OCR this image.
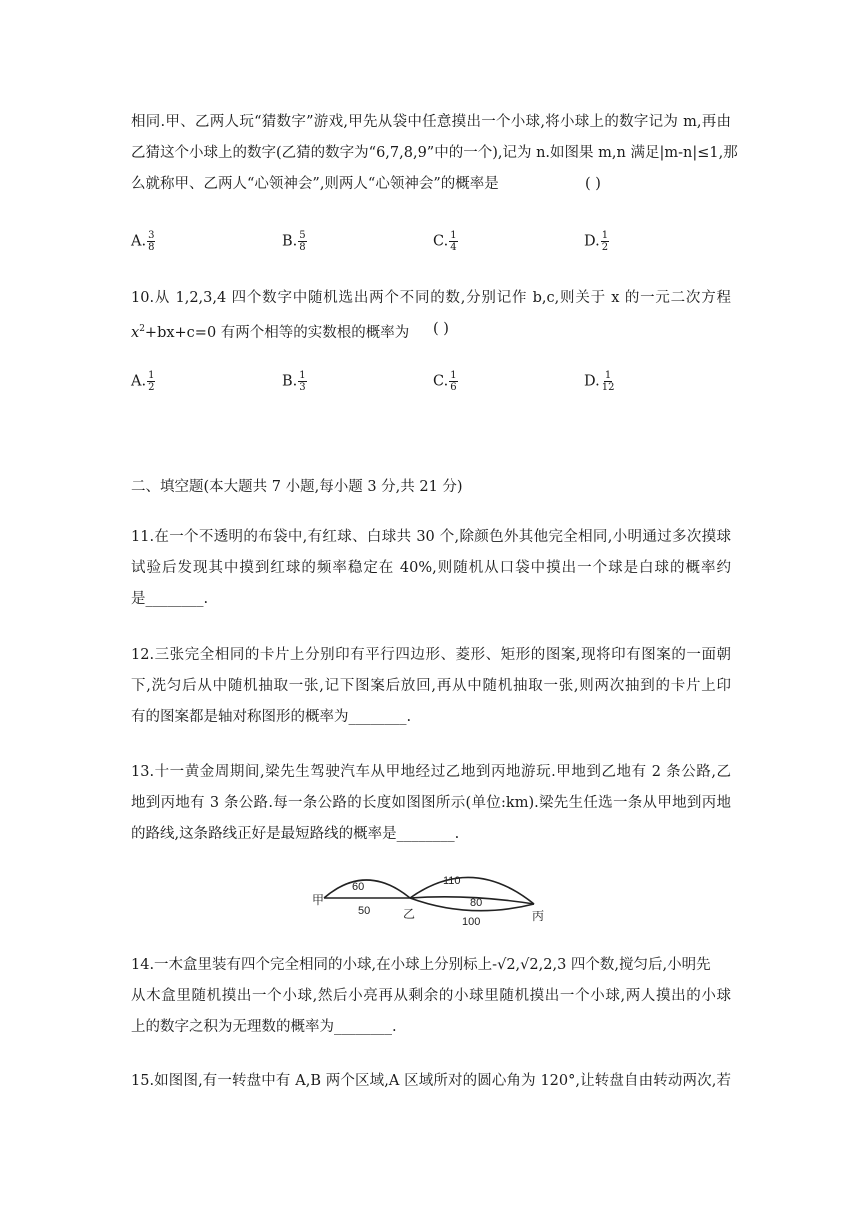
相同.甲、乙两人玩“猜数字”游戏,甲先从袋中任意摸出一个小球,将小球上的数字记为 m,再由
乙猜这个小球上的数字(乙猜的数字为“6,7,8,9”中的一个),记为 n.如图果 m,n 满足|m-n|≤1,那
么就称甲、乙两人“心领神会”,则两人“心领神会”的概率是	( )
A. $\frac{3}{8}$	B. $\frac{5}{8}$	C. $\frac{1}{4}$	D. $\frac{1}{2}$
10.从 1,2,3,4 四个数字中随机选出两个不同的数,分别记作 b,c,则关于 x 的一元二次方程
$x^2+bx+c=0$ 有两个相等的实数根的概率为 ( )
A. $\frac{1}{2}$	B. $\frac{1}{3}$	C. $\frac{1}{6}$	D. $\frac{1}{12}$
二、填空题(本大题共 7 小题,每小题 3 分,共 21 分)
11.在一个不透明的布袋中,有红球、白球共 30 个,除颜色外其他完全相同,小明通过多次摸球
试验后发现其中摸到红球的频率稳定在 40%,则随机从口袋中摸出一个球是白球的概率约
是________.
12.三张完全相同的卡片上分别印有平行四边形、菱形、矩形的图案,现将印有图案的一面朝
下,洗匀后从中随机抽取一张,记下图案后放回,再从中随机抽取一张,则两次抽到的卡片上印
有的图案都是轴对称图形的概率为________.
13.十一黄金周期间,梁先生驾驶汽车从甲地经过乙地到丙地游玩.甲地到乙地有 2 条公路,乙
地到丙地有 3 条公路.每一条公路的长度如图图所示(单位:km).梁先生任选一条从甲地到丙地
的路线,这条路线正好是最短路线的概率是________.
甲
乙	丙
60
50
110
80
100
14.一木盒里装有四个完全相同的小球,在小球上分别标上-√2,√2,2,3 四个数,搅匀后,小明先
从木盒里随机摸出一个小球,然后小亮再从剩余的小球里随机摸出一个小球,两人摸出的小球
上的数字之积为无理数的概率为________.
15.如图图,有一转盘中有 A,B 两个区域,A 区域所对的圆心角为 120°,让转盘自由转动两次,若
